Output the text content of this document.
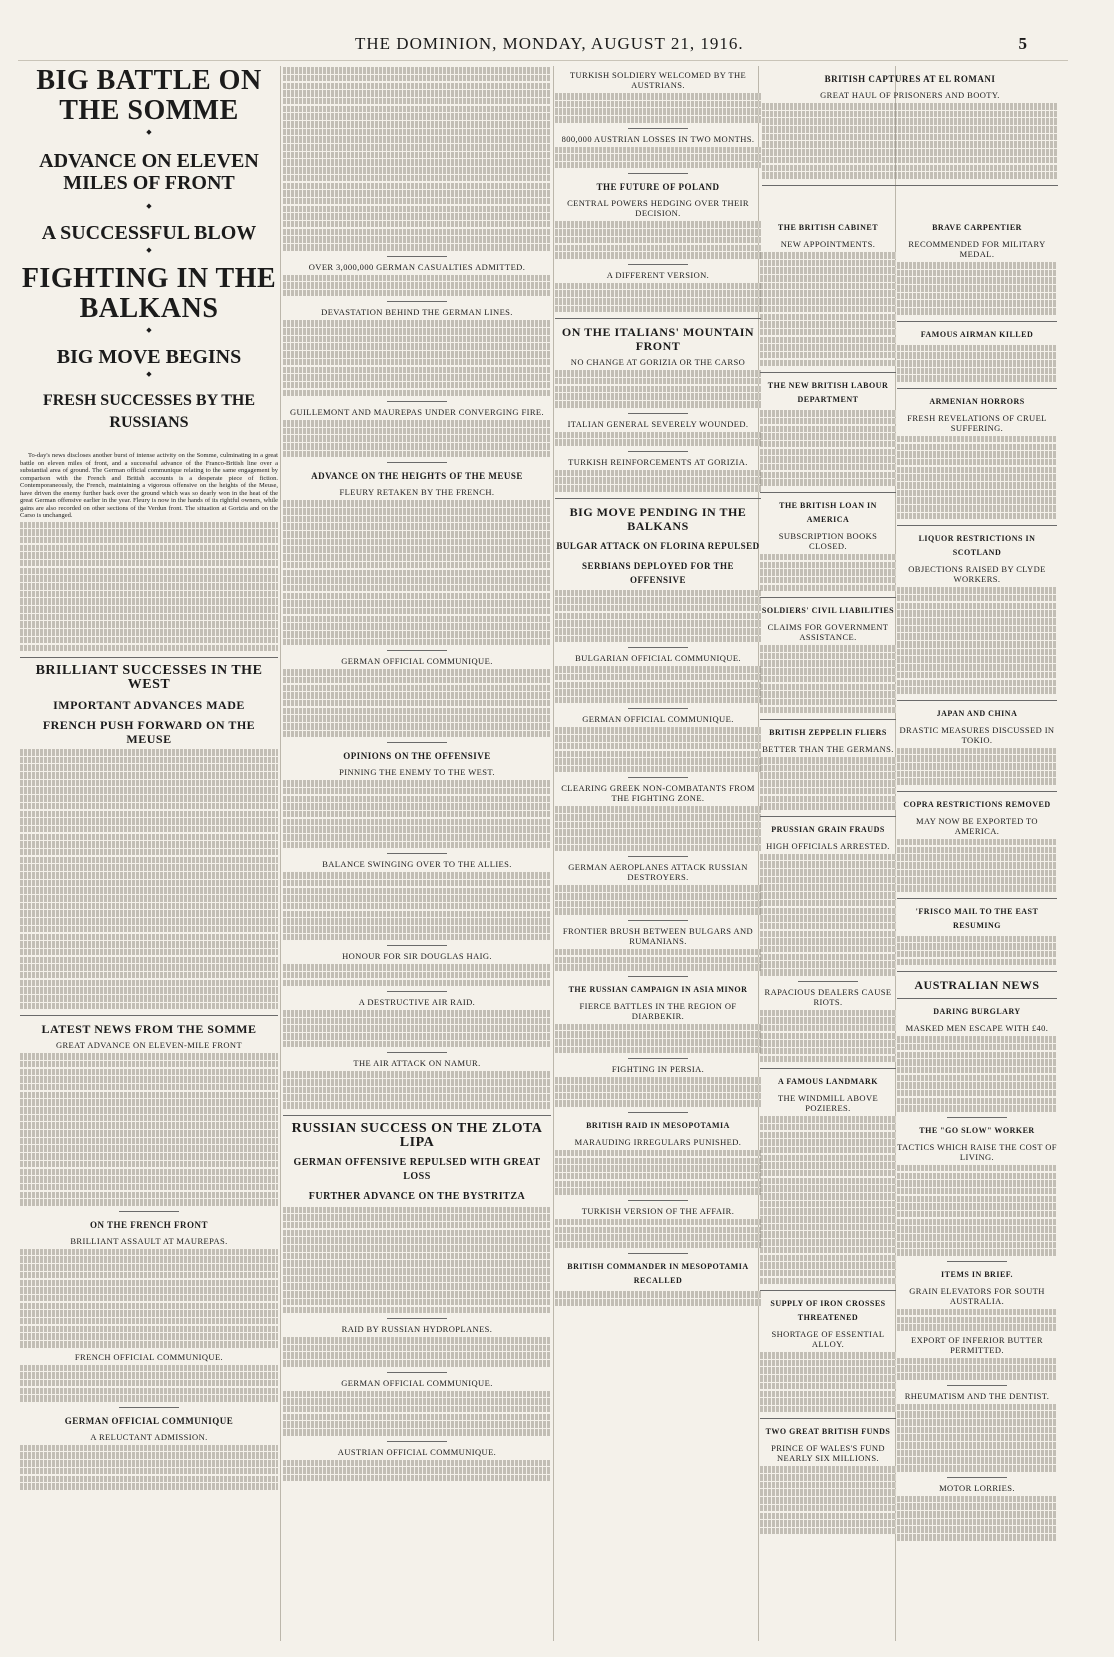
THE DOMINION, MONDAY, AUGUST 21, 1916.	5
BIG BATTLE ON THE SOMME
◆
ADVANCE ON ELEVEN MILES OF FRONT
◆
A SUCCESSFUL BLOW
◆
FIGHTING IN THE BALKANS
◆
BIG MOVE BEGINS
◆
FRESH SUCCESSES BY THE RUSSIANS

To-day's news discloses another burst of intense activity on the Somme, culminating in a great battle on eleven miles of front, and a successful advance of the Franco-British line over a substantial area of ground. The German official communique relating to the same engagement by comparison with the French and British accounts is a desperate piece of fiction. Contemporaneously, the French, maintaining a vigorous offensive on the heights of the Meuse, have driven the enemy further back over the ground which was so dearly won in the heat of the great German offensive earlier in the year. Fleury is now in the hands of its rightful owners, while gains are also recorded on other sections of the Verdun front. The situation at Gorizia and on the Carso is unchanged.

BRILLIANT SUCCESSES IN THE WEST
IMPORTANT ADVANCES MADE
FRENCH PUSH FORWARD ON THE MEUSE
LATEST NEWS FROM THE SOMME
GREAT ADVANCE ON ELEVEN-MILE FRONT
ON THE FRENCH FRONT
BRILLIANT ASSAULT AT MAUREPAS.
FRENCH OFFICIAL COMMUNIQUE.
GERMAN OFFICIAL COMMUNIQUE
A RELUCTANT ADMISSION.
OVER 3,000,000 GERMAN CASUALTIES ADMITTED.
DEVASTATION BEHIND THE GERMAN LINES.
GUILLEMONT AND MAUREPAS UNDER CONVERGING FIRE.
ADVANCE ON THE HEIGHTS OF THE MEUSE
FLEURY RETAKEN BY THE FRENCH.
GERMAN OFFICIAL COMMUNIQUE.
OPINIONS ON THE OFFENSIVE
PINNING THE ENEMY TO THE WEST.
BALANCE SWINGING OVER TO THE ALLIES.
HONOUR FOR SIR DOUGLAS HAIG.
A DESTRUCTIVE AIR RAID.
THE AIR ATTACK ON NAMUR.
RUSSIAN SUCCESS ON THE ZLOTA LIPA
GERMAN OFFENSIVE REPULSED WITH GREAT LOSS
FURTHER ADVANCE ON THE BYSTRITZA
RAID BY RUSSIAN HYDROPLANES.
GERMAN OFFICIAL COMMUNIQUE.
AUSTRIAN OFFICIAL COMMUNIQUE.
TURKISH SOLDIERY WELCOMED BY THE AUSTRIANS.
800,000 AUSTRIAN LOSSES IN TWO MONTHS.
THE FUTURE OF POLAND
CENTRAL POWERS HEDGING OVER THEIR DECISION.
A DIFFERENT VERSION.
ON THE ITALIANS' MOUNTAIN FRONT
NO CHANGE AT GORIZIA OR THE CARSO
ITALIAN GENERAL SEVERELY WOUNDED.
TURKISH REINFORCEMENTS AT GORIZIA.
BIG MOVE PENDING IN THE BALKANS
BULGAR ATTACK ON FLORINA REPULSED
SERBIANS DEPLOYED FOR THE OFFENSIVE
BULGARIAN OFFICIAL COMMUNIQUE.
GERMAN OFFICIAL COMMUNIQUE.
CLEARING GREEK NON-COMBATANTS FROM THE FIGHTING ZONE.
GERMAN AEROPLANES ATTACK RUSSIAN DESTROYERS.
FRONTIER BRUSH BETWEEN BULGARS AND RUMANIANS.
THE RUSSIAN CAMPAIGN IN ASIA MINOR
FIERCE BATTLES IN THE REGION OF DIARBEKIR.
FIGHTING IN PERSIA.
BRITISH RAID IN MESOPOTAMIA
MARAUDING IRREGULARS PUNISHED.
TURKISH VERSION OF THE AFFAIR.
BRITISH COMMANDER IN MESOPOTAMIA RECALLED
BRITISH CAPTURES AT EL ROMANI
GREAT HAUL OF PRISONERS AND BOOTY.
THE BRITISH CABINET
NEW APPOINTMENTS.
THE NEW BRITISH LABOUR DEPARTMENT
THE BRITISH LOAN IN AMERICA
SUBSCRIPTION BOOKS CLOSED.
SOLDIERS' CIVIL LIABILITIES
CLAIMS FOR GOVERNMENT ASSISTANCE.
BRITISH ZEPPELIN FLIERS
BETTER THAN THE GERMANS.
PRUSSIAN GRAIN FRAUDS
HIGH OFFICIALS ARRESTED.
RAPACIOUS DEALERS CAUSE RIOTS.
A FAMOUS LANDMARK
THE WINDMILL ABOVE POZIERES.
SUPPLY OF IRON CROSSES THREATENED
SHORTAGE OF ESSENTIAL ALLOY.
TWO GREAT BRITISH FUNDS
PRINCE OF WALES'S FUND NEARLY SIX MILLIONS.
BRAVE CARPENTIER
RECOMMENDED FOR MILITARY MEDAL.
FAMOUS AIRMAN KILLED
ARMENIAN HORRORS
FRESH REVELATIONS OF CRUEL SUFFERING.
LIQUOR RESTRICTIONS IN SCOTLAND
OBJECTIONS RAISED BY CLYDE WORKERS.
JAPAN AND CHINA
DRASTIC MEASURES DISCUSSED IN TOKIO.
COPRA RESTRICTIONS REMOVED
MAY NOW BE EXPORTED TO AMERICA.
'FRISCO MAIL TO THE EAST RESUMING
AUSTRALIAN NEWS
DARING BURGLARY
MASKED MEN ESCAPE WITH £40.
THE "GO SLOW" WORKER
TACTICS WHICH RAISE THE COST OF LIVING.
ITEMS IN BRIEF.
GRAIN ELEVATORS FOR SOUTH AUSTRALIA.
EXPORT OF INFERIOR BUTTER PERMITTED.
RHEUMATISM AND THE DENTIST.
MOTOR LORRIES.
